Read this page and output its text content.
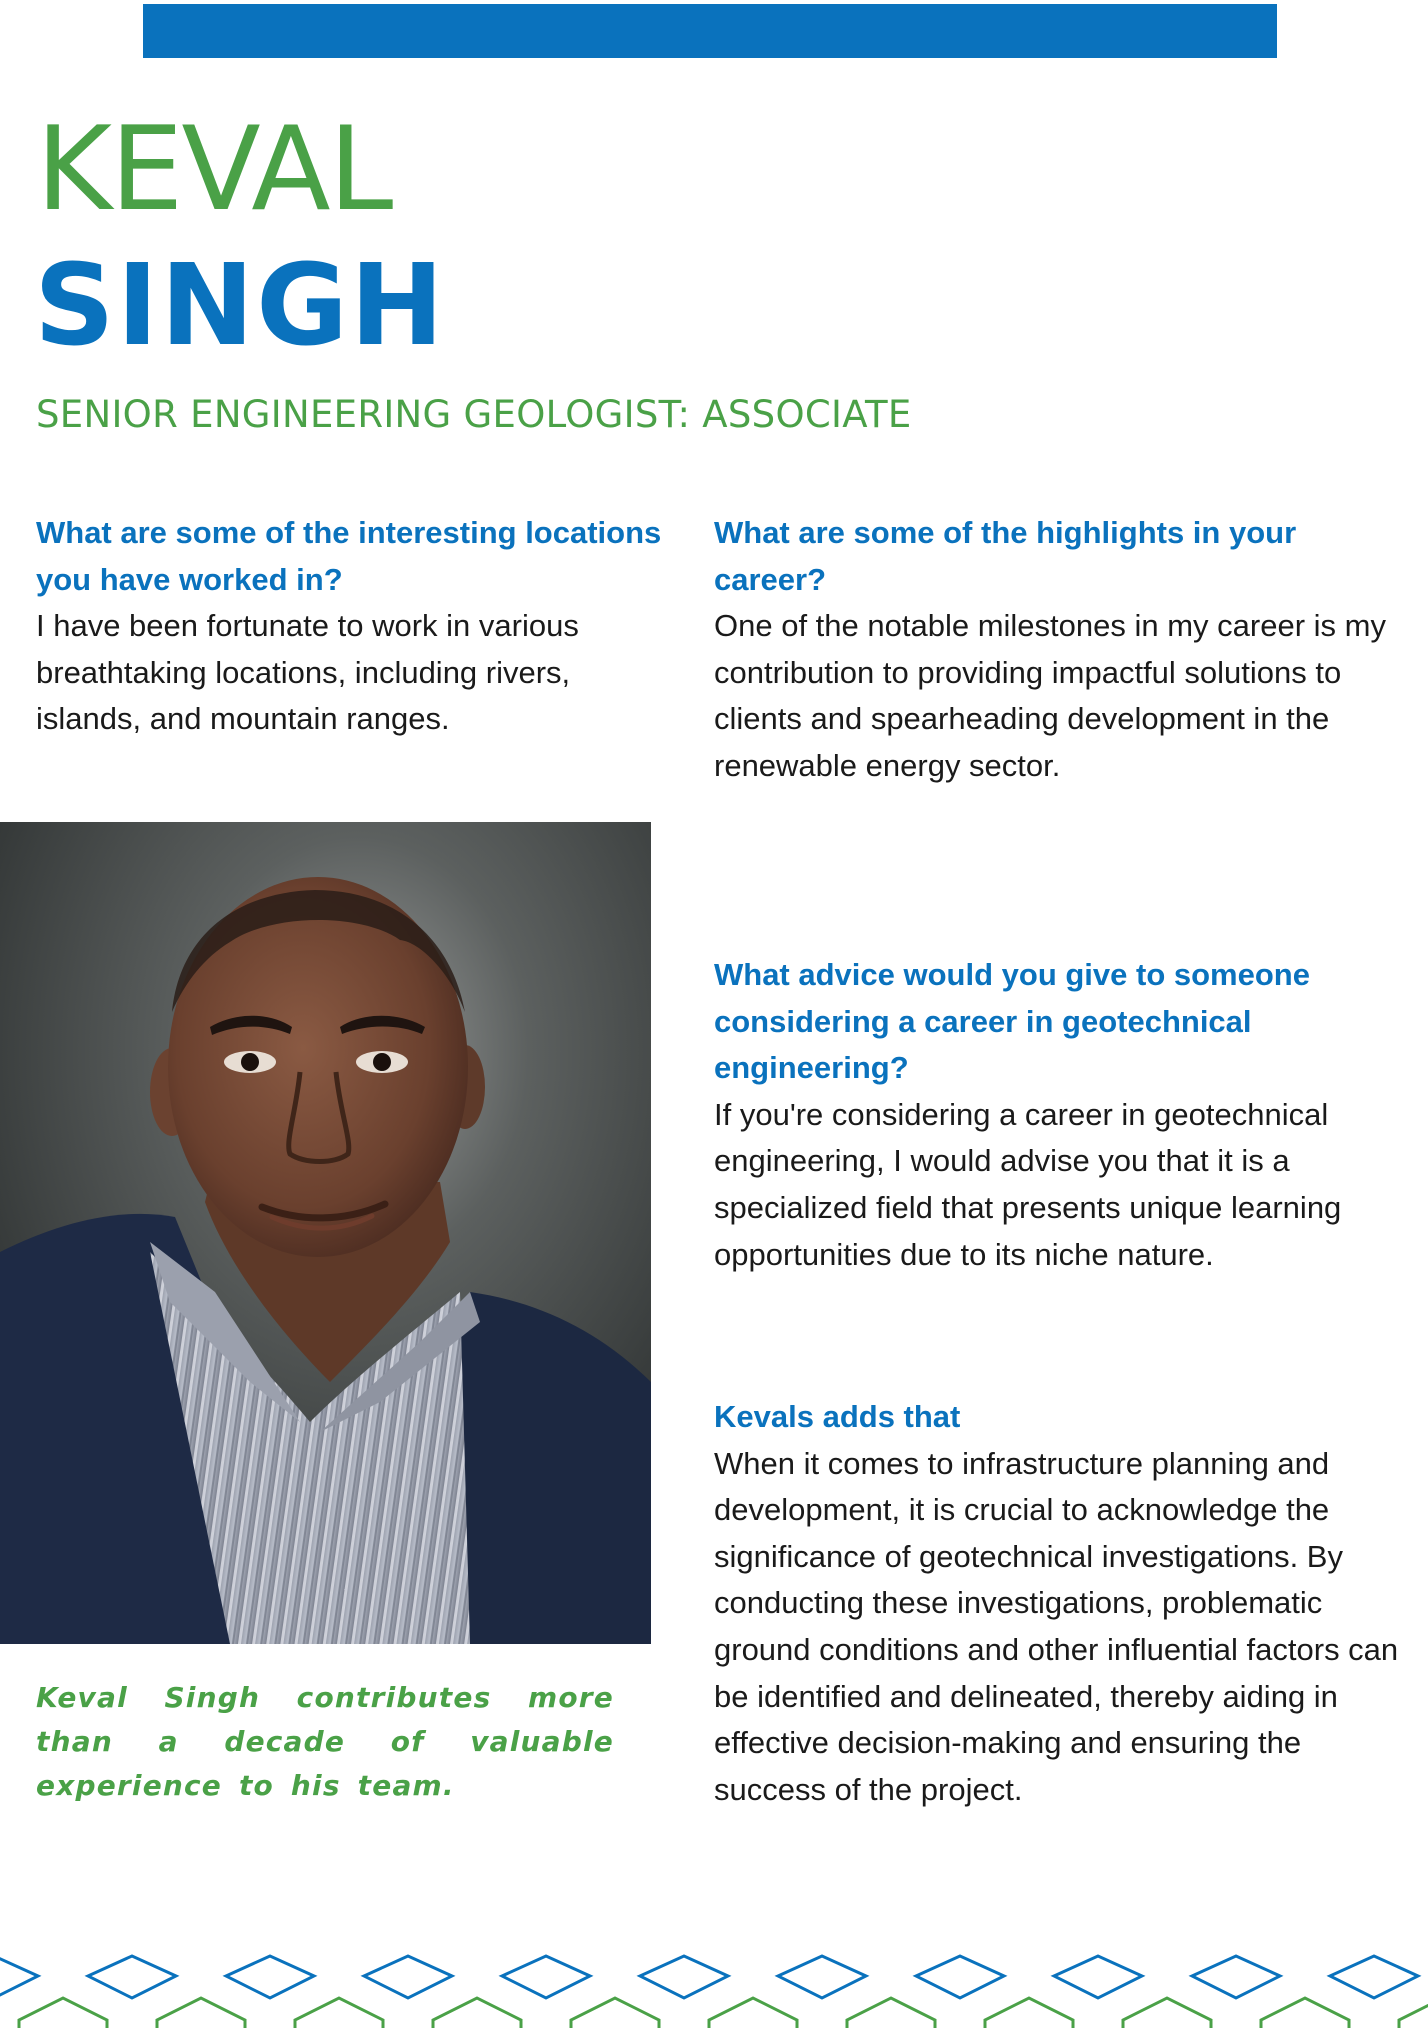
KEVAL
SINGH
SENIOR ENGINEERING GEOLOGIST: ASSOCIATE

What are some of the interesting locations you have worked in?

I have been fortunate to work in various breathtaking locations, including rivers, islands, and mountain ranges.

What are some of the highlights in your career?

One of the notable milestones in my career is my contribution to providing impactful solutions to clients and spearheading development in the renewable energy sector.

What advice would you give to someone considering a career in geotechnical engineering?

If you're considering a career in geotechnical engineering, I would advise you that it is a specialized field that presents unique learning opportunities due to its niche nature.

Kevals adds that

When it comes to infrastructure planning and development, it is crucial to acknowledge the significance of geotechnical investigations. By conducting these investigations, problematic ground conditions and other influential factors can be identified and delineated, thereby aiding in effective decision-making and ensuring the success of the project.

Keval Singh contributes more than a decade of valuable experience to his team.
